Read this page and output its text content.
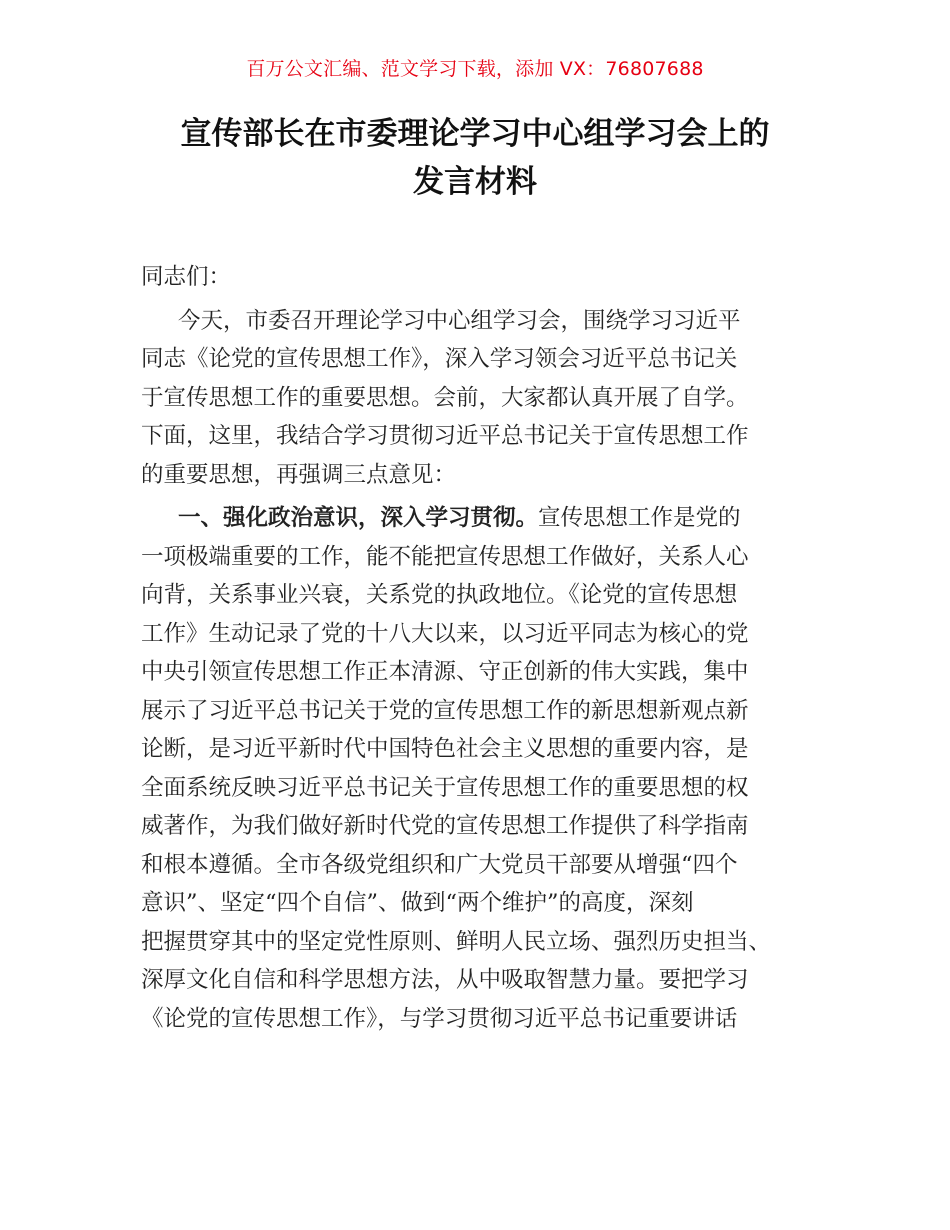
百万公文汇编、范文学习下载，添加 VX：76807688
宣传部长在市委理论学习中心组学习会上的
发言材料
同志们：
今天，市委召开理论学习中心组学习会，围绕学习习近平
同志《论党的宣传思想工作》，深入学习领会习近平总书记关
于宣传思想工作的重要思想。会前，大家都认真开展了自学。
下面，这里，我结合学习贯彻习近平总书记关于宣传思想工作
的重要思想，再强调三点意见：
一、强化政治意识，深入学习贯彻。宣传思想工作是党的
一项极端重要的工作，能不能把宣传思想工作做好，关系人心
向背，关系事业兴衰，关系党的执政地位。《论党的宣传思想
工作》生动记录了党的十八大以来，以习近平同志为核心的党
中央引领宣传思想工作正本清源、守正创新的伟大实践，集中
展示了习近平总书记关于党的宣传思想工作的新思想新观点新
论断，是习近平新时代中国特色社会主义思想的重要内容，是
全面系统反映习近平总书记关于宣传思想工作的重要思想的权
威著作，为我们做好新时代党的宣传思想工作提供了科学指南
和根本遵循。全市各级党组织和广大党员干部要从增强“四个
意识”、坚定“四个自信”、做到“两个维护”的高度，深刻
把握贯穿其中的坚定党性原则、鲜明人民立场、强烈历史担当、
深厚文化自信和科学思想方法，从中吸取智慧力量。要把学习
《论党的宣传思想工作》，与学习贯彻习近平总书记重要讲话
